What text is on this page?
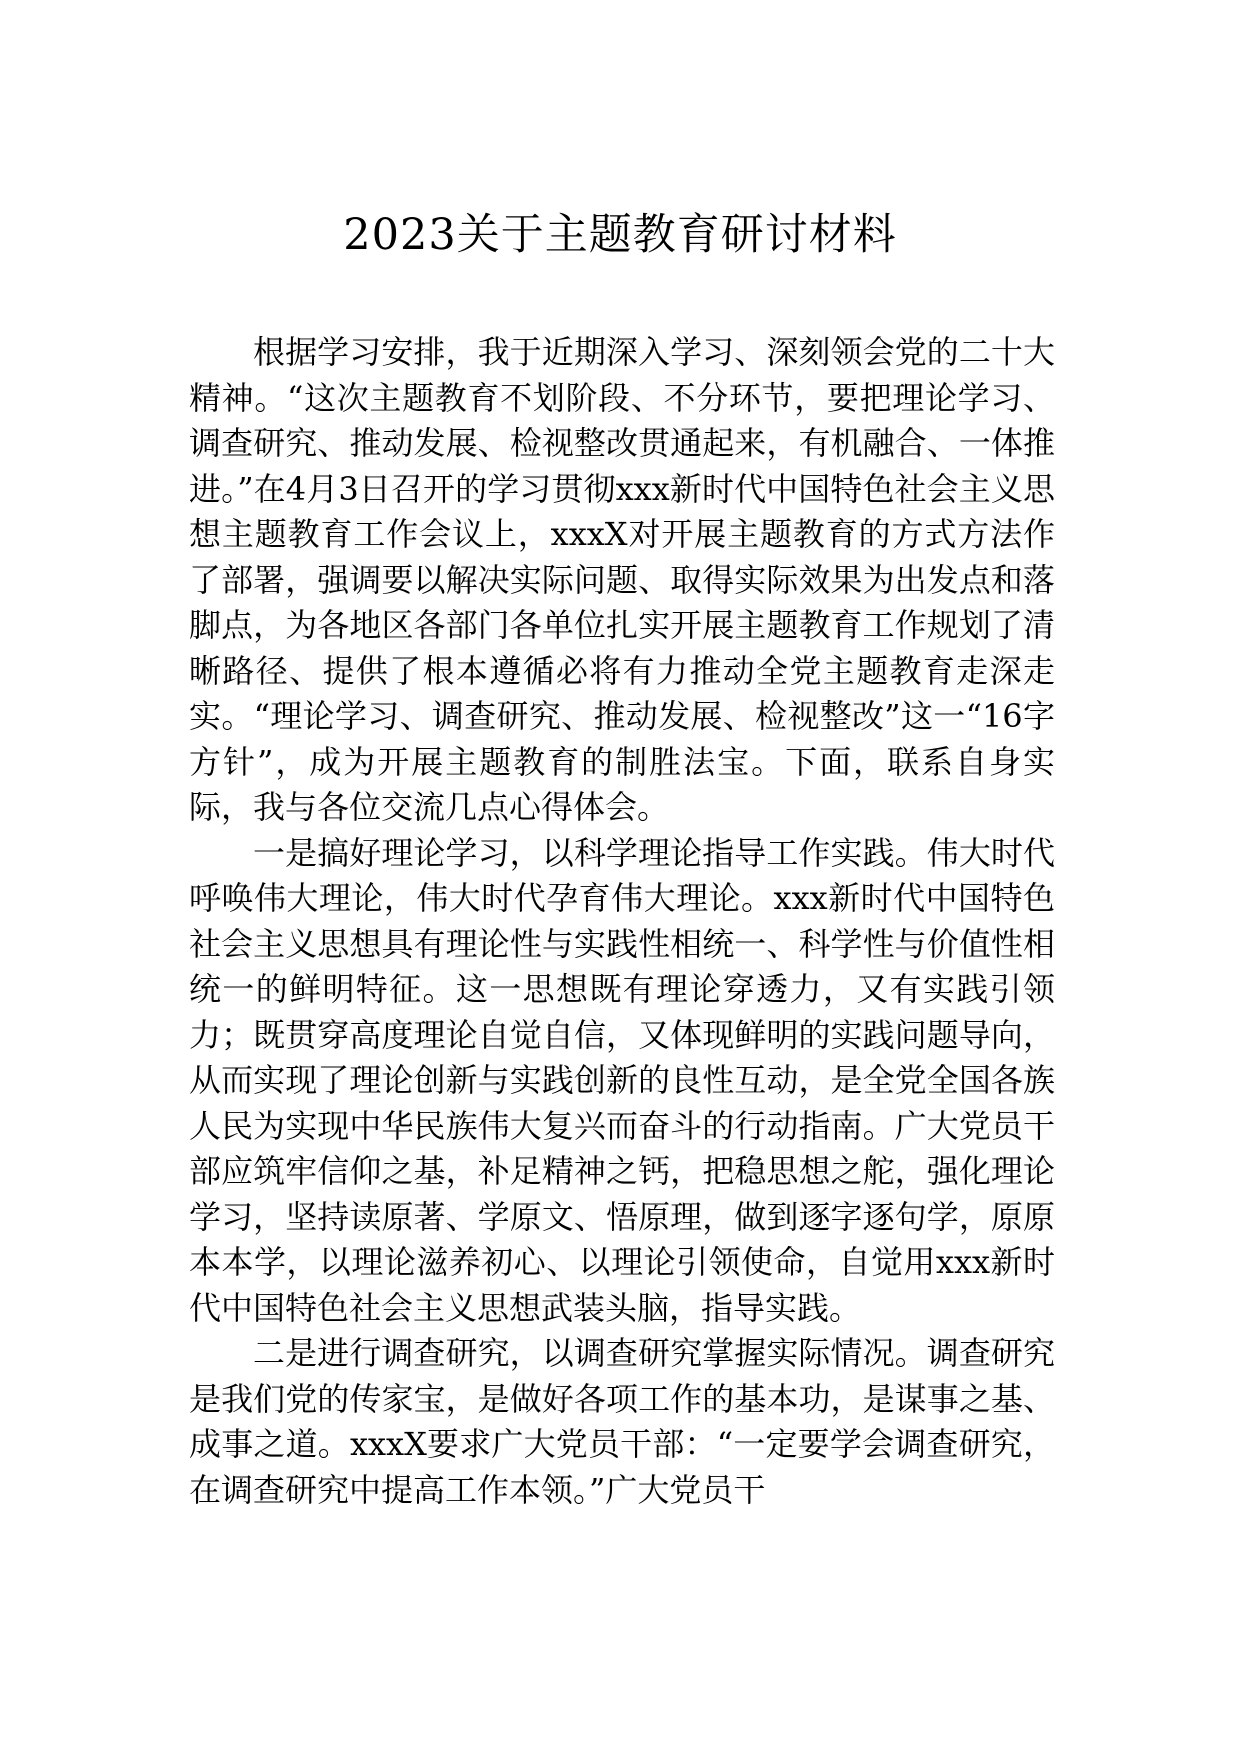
2023关于主题教育研讨材料

根据学习安排，我于近期深入学习、深刻领会党的二十大精神。“这次主题教育不划阶段、不分环节，要把理论学习、调查研究、推动发展、检视整改贯通起来，有机融合、一体推进。”在4月3日召开的学习贯彻xxx新时代中国特色社会主义思想主题教育工作会议上，xxxX对开展主题教育的方式方法作了部署，强调要以解决实际问题、取得实际效果为出发点和落脚点，为各地区各部门各单位扎实开展主题教育工作规划了清晰路径、提供了根本遵循必将有力推动全党主题教育走深走实。“理论学习、调查研究、推动发展、检视整改”这一“16字方针”，成为开展主题教育的制胜法宝。下面，联系自身实际，我与各位交流几点心得体会。

一是搞好理论学习，以科学理论指导工作实践。伟大时代呼唤伟大理论，伟大时代孕育伟大理论。xxx新时代中国特色社会主义思想具有理论性与实践性相统一、科学性与价值性相统一的鲜明特征。这一思想既有理论穿透力，又有实践引领力；既贯穿高度理论自觉自信，又体现鲜明的实践问题导向，从而实现了理论创新与实践创新的良性互动，是全党全国各族人民为实现中华民族伟大复兴而奋斗的行动指南。广大党员干部应筑牢信仰之基，补足精神之钙，把稳思想之舵，强化理论学习，坚持读原著、学原文、悟原理，做到逐字逐句学，原原本本学，以理论滋养初心、以理论引领使命，自觉用xxx新时代中国特色社会主义思想武装头脑，指导实践。

二是进行调查研究，以调查研究掌握实际情况。调查研究是我们党的传家宝，是做好各项工作的基本功，是谋事之基、成事之道。xxxX要求广大党员干部：“一定要学会调查研究，在调查研究中提高工作本领。”广大党员干
